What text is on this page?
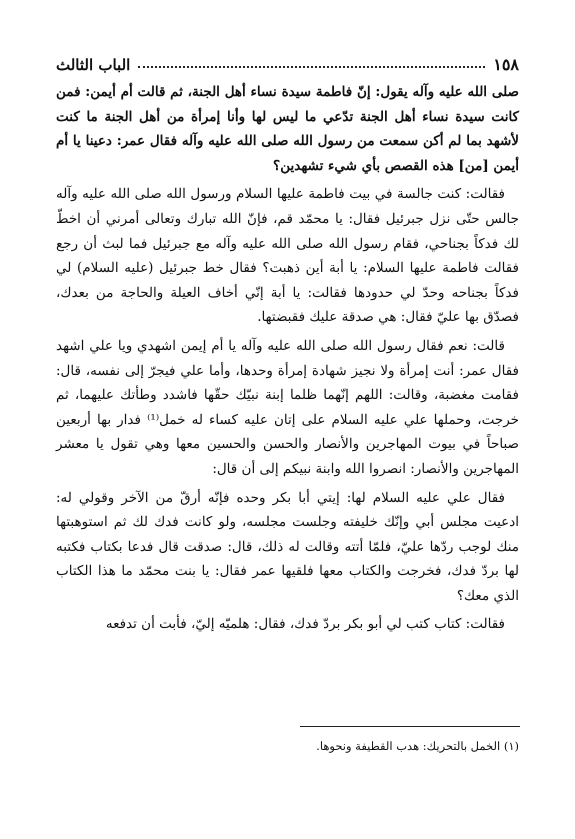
١٥٨
الباب الثالث

صلى الله عليه وآله يقول: إنّ فاطمة سيدة نساء أهل الجنة، ثم قالت أم أيمن: فمن كانت سيدة نساء أهل الجنة تدّعي ما ليس لها وأنا إمرأة من أهل الجنة ما كنت لأشهد بما لم أكن سمعت من رسول الله صلى الله عليه وآله فقال عمر: دعينا يا أم أيمن [من] هذه القصص بأي شيء تشهدين؟

فقالت: كنت جالسة في بيت فاطمة عليها السلام ورسول الله صلى الله عليه وآله جالس حتّى نزل جبرئيل فقال: يا محمّد قم، فإنّ الله تبارك وتعالى أمرني أن اخطّ لك فدكاً بجناحي، فقام رسول الله صلى الله عليه وآله مع جبرئيل فما لبث أن رجع فقالت فاطمة عليها السلام: يا أبة أين ذهبت؟ فقال خط جبرئيل (عليه السلام) لي فدكاً بجناحه وحدّ لي حدودها فقالت: يا أبة إنّي أخاف العيلة والحاجة من بعدك، فصدّق بها عليّ فقال: هي صدقة عليك فقبضتها.

قالت: نعم فقال رسول الله صلى الله عليه وآله يا أم إيمن اشهدي ويا علي اشهد فقال عمر: أنت إمرأة ولا نجيز شهادة إمرأة وحدها، وأما علي فيجرّ إلى نفسه، قال: فقامت مغضبة، وقالت: اللهم إنّهما ظلما إبنة نبيّك حقّها فاشدد وطأتك عليهما، ثم خرجت، وحملها علي عليه السلام على إتان عليه كساء له خمل⁽¹⁾ فدار بها أربعين صباحاً في بيوت المهاجرين والأنصار والحسن والحسين معها وهي تقول يا معشر المهاجرين والأنصار: انصروا الله وابنة نبيكم إلى أن قال:

فقال علي عليه السلام لها: إيتي أبا بكر وحده فإنّه أرقّ من الآخر وقولي له: ادعيت مجلس أبي وإنّك خليفته وجلست مجلسه، ولو كانت فدك لك ثم استوهبتها منك لوجب ردّها عليّ، فلمّا أتته وقالت له ذلك، قال: صدقت قال فدعا بكتاب فكتبه لها بردّ فدك، فخرجت والكتاب معها فلقيها عمر فقال: يا بنت محمّد ما هذا الكتاب الذي معك؟

فقالت: كتاب كتب لي أبو بكر بردّ فدك، فقال: هلميّه إليّ، فأبت أن تدفعه

(١) الخمل بالتحريك: هدب القطيفة ونحوها.
